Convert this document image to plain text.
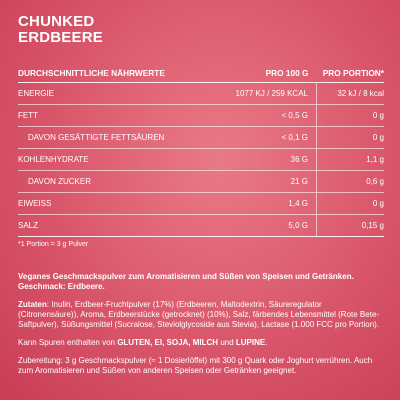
CHUNKED
ERDBEERE
DURCHSCHNITTLICHE NÄHRWERTE	PRO 100 G	PRO PORTION*
ENERGIE	1077 KJ / 259 KCAL	32 kJ / 8 kcal
FETT	< 0,5 G	0 g
DAVON GESÄTTIGTE FETTSÄUREN	< 0,1 G	0 g
KOHLENHYDRATE	36 G	1,1 g
DAVON ZUCKER	21 G	0,6 g
EIWEISS	1,4 G	0 g
SALZ	5,0 G	0,15 g
*1 Portion = 3 g Pulver
Veganes Geschmackspulver zum Aromatisieren und Süßen von Speisen und Getränken. Geschmack: Erdbeere.
Zutaten: Inulin, Erdbeer-Fruchtpulver (17%) (Erdbeeren, Maltodextrin, Säureregulator (Citronensäure)), Aroma, Erdbeerstücke (getrocknet) (10%), Salz, färbendes Lebensmittel (Rote Bete-Saftpulver), Süßungsmittel (Sucralose, Steviolglycoside aus Stevia), Lactase (1.000 FCC pro Portion).
Kann Spuren enthalten von GLUTEN, EI, SOJA, MILCH und LUPINE.
Zubereitung: 3 g Geschmackspulver (≈ 1 Dosierlöffel) mit 300 g Quark oder Joghurt verrühren. Auch zum Aromatisieren und Süßen von anderen Speisen oder Getränken geeignet.
